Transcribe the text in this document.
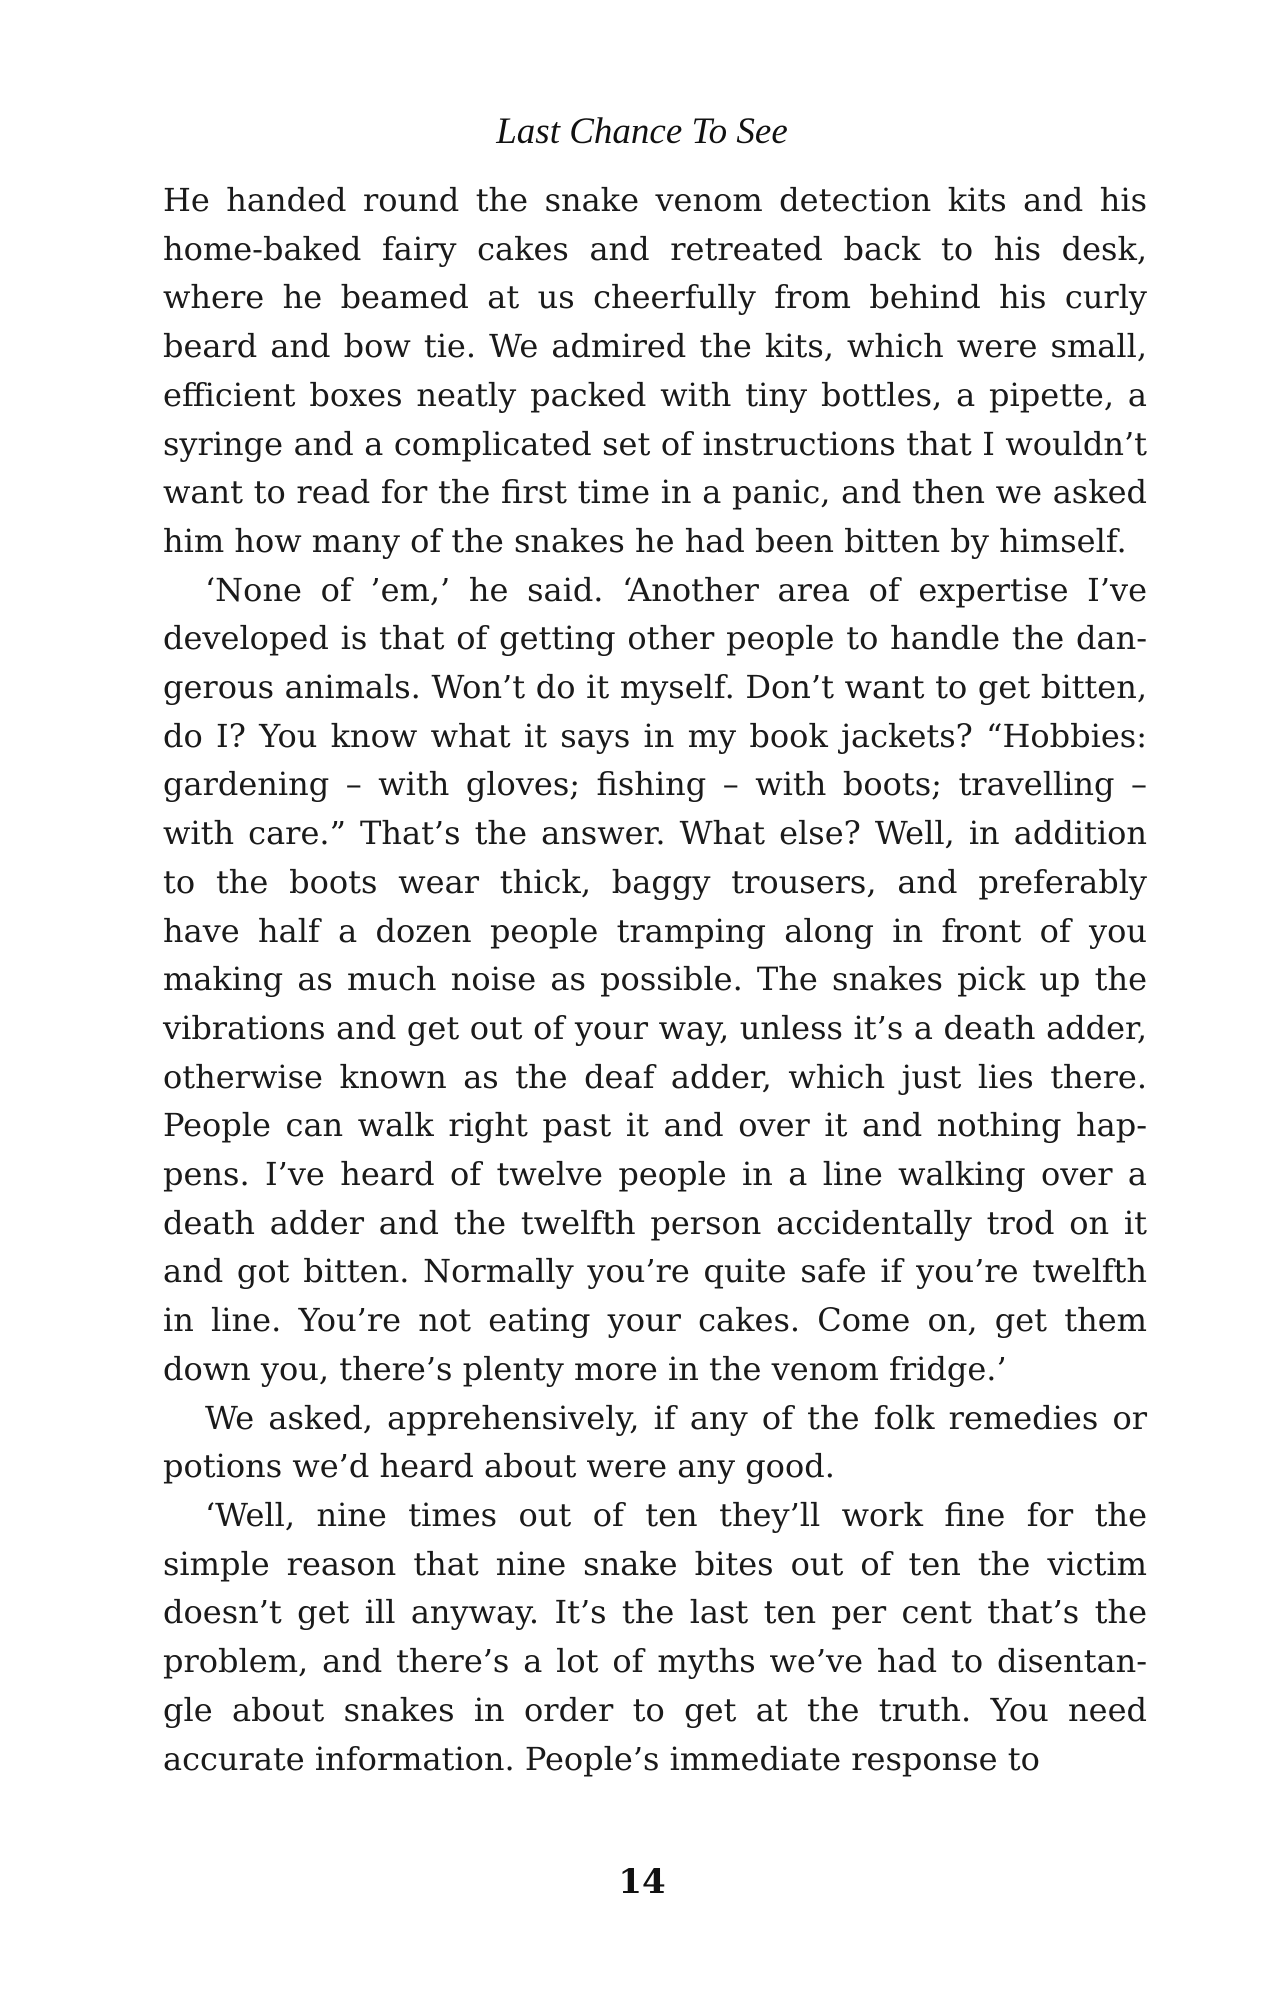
Last Chance To See

He handed round the snake venom detection kits and his home-baked fairy cakes and retreated back to his desk, where he beamed at us cheerfully from behind his curly beard and bow tie. We admired the kits, which were small, efficient boxes neatly packed with tiny bottles, a pipette, a syringe and a complicated set of instructions that I wouldn’t want to read for the first time in a panic, and then we asked him how many of the snakes he had been bitten by himself.

‘None of ’em,’ he said. ‘Another area of expertise I’ve developed is that of getting other people to handle the dangerous animals. Won’t do it myself. Don’t want to get bitten, do I? You know what it says in my book jackets? “Hobbies: gardening – with gloves; fishing – with boots; travelling – with care.” That’s the answer. What else? Well, in addition to the boots wear thick, baggy trousers, and preferably have half a dozen people tramping along in front of you making as much noise as possible. The snakes pick up the vibrations and get out of your way, unless it’s a death adder, otherwise known as the deaf adder, which just lies there. People can walk right past it and over it and nothing happens. I’ve heard of twelve people in a line walking over a death adder and the twelfth person accidentally trod on it and got bitten. Normally you’re quite safe if you’re twelfth in line. You’re not eating your cakes. Come on, get them down you, there’s plenty more in the venom fridge.’

We asked, apprehensively, if any of the folk remedies or potions we’d heard about were any good.

‘Well, nine times out of ten they’ll work fine for the simple reason that nine snake bites out of ten the victim doesn’t get ill anyway. It’s the last ten per cent that’s the problem, and there’s a lot of myths we’ve had to disentangle about snakes in order to get at the truth. You need accurate information. People’s immediate response to

14
